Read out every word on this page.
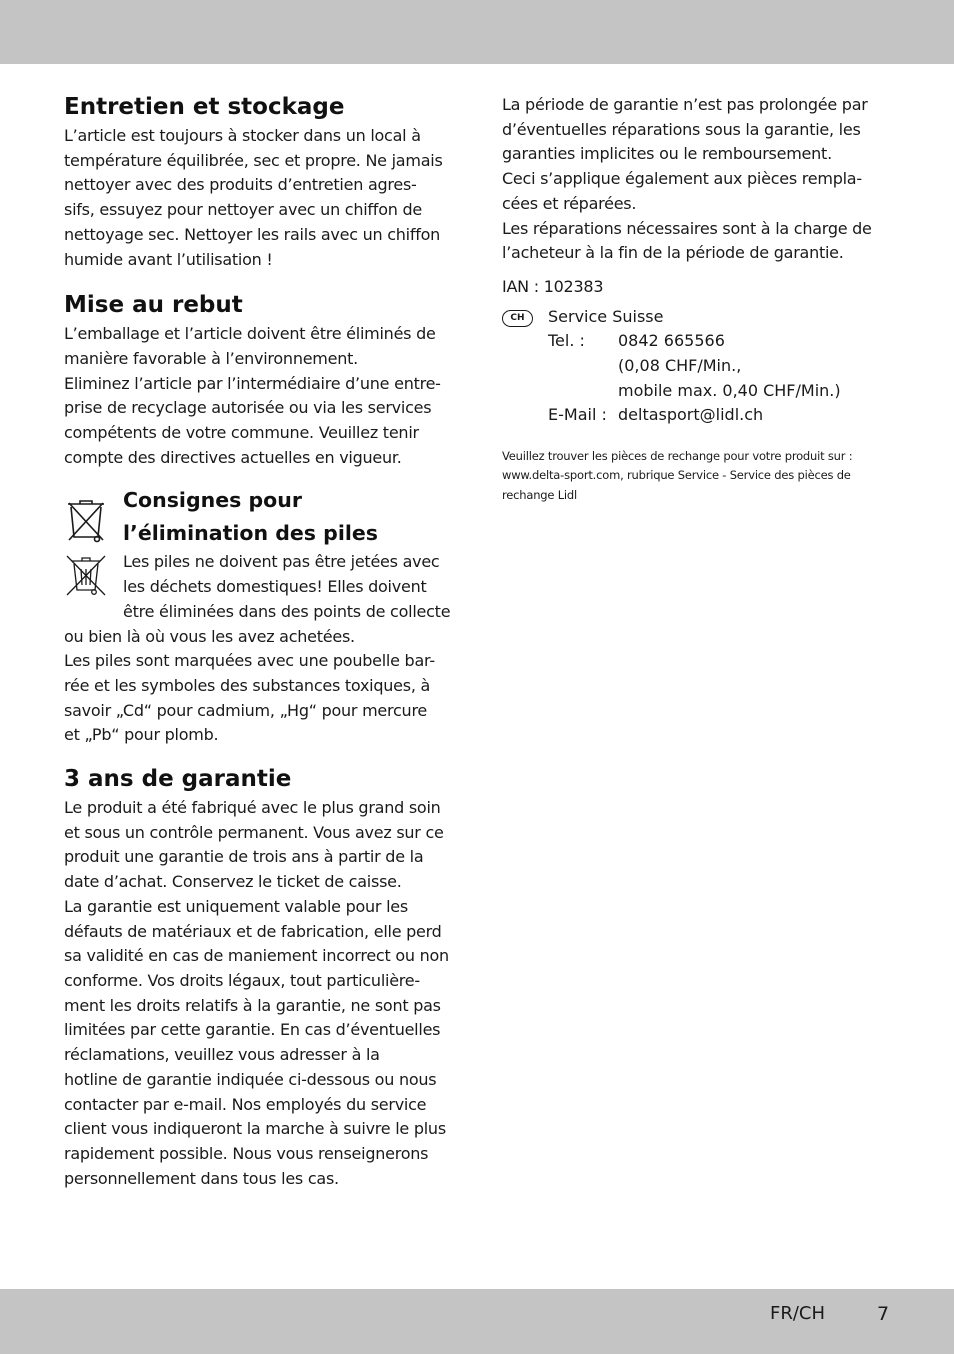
Entretien et stockage

L’article est toujours à stocker dans un local à
température équilibrée, sec et propre. Ne jamais
nettoyer avec des produits d’entretien agres-
sifs, essuyez pour nettoyer avec un chiffon de
nettoyage sec. Nettoyer les rails avec un chiffon
humide avant l’utilisation !

Mise au rebut

L’emballage et l’article doivent être éliminés de
manière favorable à l’environnement.
Eliminez l’article par l’intermédiaire d’une entre-
prise de recyclage autorisée ou via les services
compétents de votre commune. Veuillez tenir
compte des directives actuelles en vigueur.

Consignes pour
l’élimination des piles

Les piles ne doivent pas être jetées avec
les déchets domestiques! Elles doivent
être éliminées dans des points de collecte

ou bien là où vous les avez achetées.
Les piles sont marquées avec une poubelle bar-
rée et les symboles des substances toxiques, à
savoir „Cd“ pour cadmium, „Hg“ pour mercure
et „Pb“ pour plomb.

3 ans de garantie

Le produit a été fabriqué avec le plus grand soin
et sous un contrôle permanent. Vous avez sur ce
produit une garantie de trois ans à partir de la
date d’achat. Conservez le ticket de caisse.
La garantie est uniquement valable pour les
défauts de matériaux et de fabrication, elle perd
sa validité en cas de maniement incorrect ou non
conforme. Vos droits légaux, tout particulière-
ment les droits relatifs à la garantie, ne sont pas
limitées par cette garantie. En cas d’éventuelles
réclamations, veuillez vous adresser à la
hotline de garantie indiquée ci-dessous ou nous
contacter par e-mail. Nos employés du service
client vous indiqueront la marche à suivre le plus
rapidement possible. Nous vous renseignerons
personnellement dans tous les cas.

La période de garantie n’est pas prolongée par
d’éventuelles réparations sous la garantie, les
garanties implicites ou le remboursement.
Ceci s’applique également aux pièces rempla-
cées et réparées.
Les réparations nécessaires sont à la charge de
l’acheteur à la fin de la période de garantie.

IAN : 102383

CH	Service Suisse
Tel. :	0842 665566
(0,08 CHF/Min.,
mobile max. 0,40 CHF/Min.)
E-Mail : deltasport@lidl.ch

Veuillez trouver les pièces de rechange pour votre produit sur :
www.delta-sport.com, rubrique Service - Service des pièces de
rechange Lidl

FR/CH	7
